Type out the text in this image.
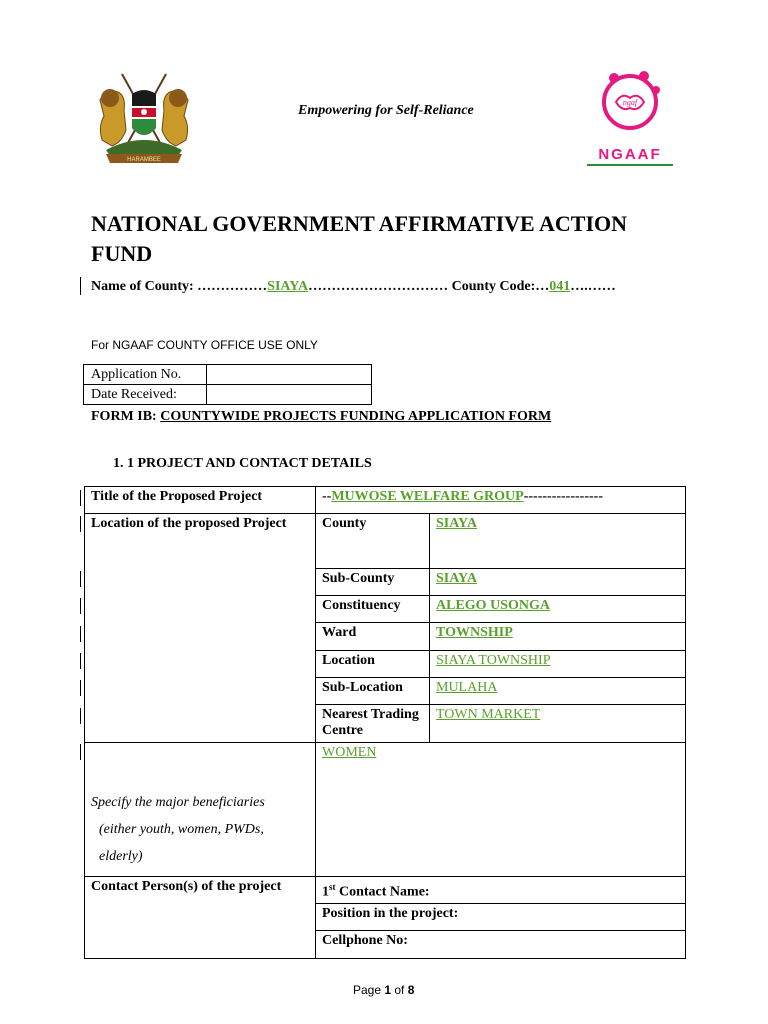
HARAMBEE
Empowering for Self-Reliance
ngaf
NGAAF
NATIONAL GOVERNMENT AFFIRMATIVE ACTION FUND
Name of County: ……………SIAYA………………………… County Code:…041….……
For NGAAF COUNTY OFFICE USE ONLY
Application No.	
Date Received:	
FORM IB: COUNTYWIDE PROJECTS FUNDING APPLICATION FORM
1. 1 PROJECT AND CONTACT DETAILS
Title of the Proposed Project	--MUWOSE WELFARE GROUP-----------------	
Location of the proposed Project	County	SIAYA
	Sub-County	SIAYA
	Constituency	ALEGO USONGA
	Ward	TOWNSHIP
	Location	SIAYA TOWNSHIP
	Sub-Location	MULAHA
	Nearest Trading Centre	TOWN MARKET

Specify the major beneficiaries
(either youth, women, PWDs,
elderly)	WOMEN	
Contact Person(s) of the project	1st Contact Name:	
	Position in the project:	
	Cellphone No:	
Page 1 of 8
